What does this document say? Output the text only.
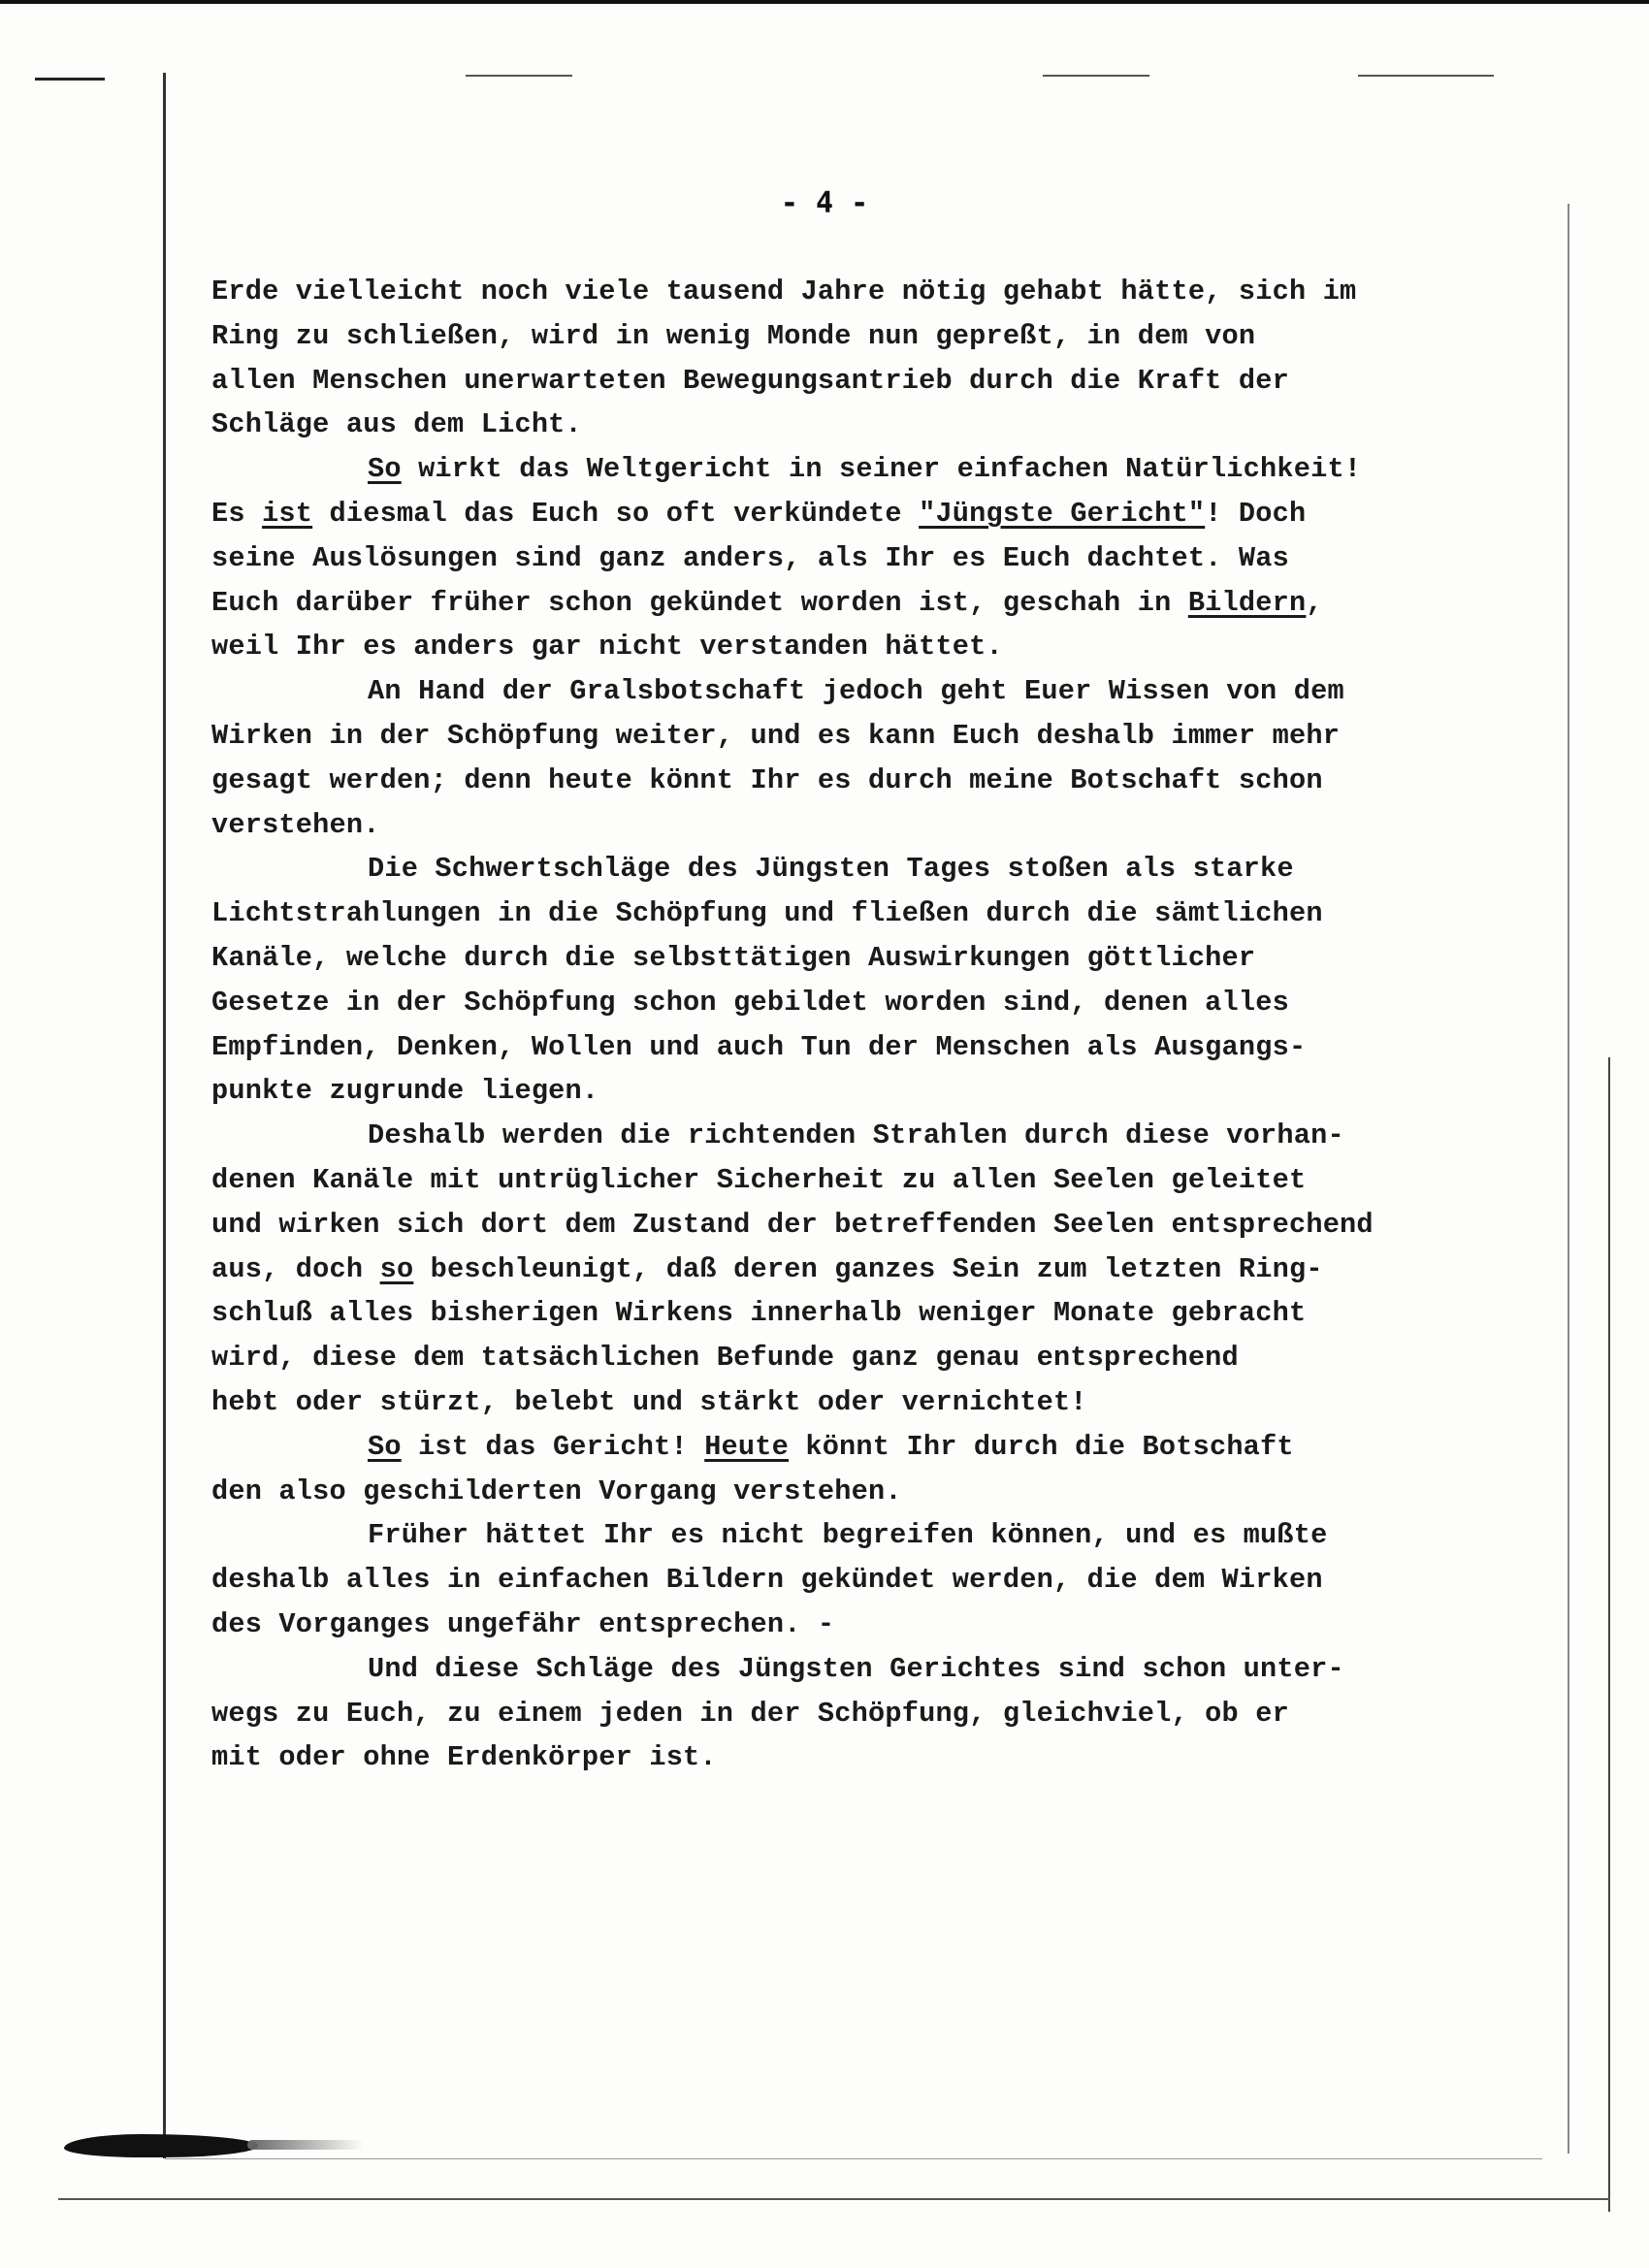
- 4 -
Erde vielleicht noch viele tausend Jahre nötig gehabt hätte, sich im
Ring zu schließen, wird in wenig Monde nun gepreßt, in dem von
allen Menschen unerwarteten Bewegungsantrieb durch die Kraft der
Schläge aus dem Licht.
So wirkt das Weltgericht in seiner einfachen Natürlichkeit!
Es ist diesmal das Euch so oft verkündete "Jüngste Gericht"! Doch
seine Auslösungen sind ganz anders, als Ihr es Euch dachtet. Was
Euch darüber früher schon gekündet worden ist, geschah in Bildern,
weil Ihr es anders gar nicht verstanden hättet.
An Hand der Gralsbotschaft jedoch geht Euer Wissen von dem
Wirken in der Schöpfung weiter, und es kann Euch deshalb immer mehr
gesagt werden; denn heute könnt Ihr es durch meine Botschaft schon
verstehen.
Die Schwertschläge des Jüngsten Tages stoßen als starke
Lichtstrahlungen in die Schöpfung und fließen durch die sämtlichen
Kanäle, welche durch die selbsttätigen Auswirkungen göttlicher
Gesetze in der Schöpfung schon gebildet worden sind, denen alles
Empfinden, Denken, Wollen und auch Tun der Menschen als Ausgangs-
punkte zugrunde liegen.
Deshalb werden die richtenden Strahlen durch diese vorhan-
denen Kanäle mit untrüglicher Sicherheit zu allen Seelen geleitet
und wirken sich dort dem Zustand der betreffenden Seelen entsprechend
aus, doch so beschleunigt, daß deren ganzes Sein zum letzten Ring-
schluß alles bisherigen Wirkens innerhalb weniger Monate gebracht
wird, diese dem tatsächlichen Befunde ganz genau entsprechend
hebt oder stürzt, belebt und stärkt oder vernichtet!
So ist das Gericht! Heute könnt Ihr durch die Botschaft
den also geschilderten Vorgang verstehen.
Früher hättet Ihr es nicht begreifen können, und es mußte
deshalb alles in einfachen Bildern gekündet werden, die dem Wirken
des Vorganges ungefähr entsprechen. -
Und diese Schläge des Jüngsten Gerichtes sind schon unter-
wegs zu Euch, zu einem jeden in der Schöpfung, gleichviel, ob er
mit oder ohne Erdenkörper ist.
